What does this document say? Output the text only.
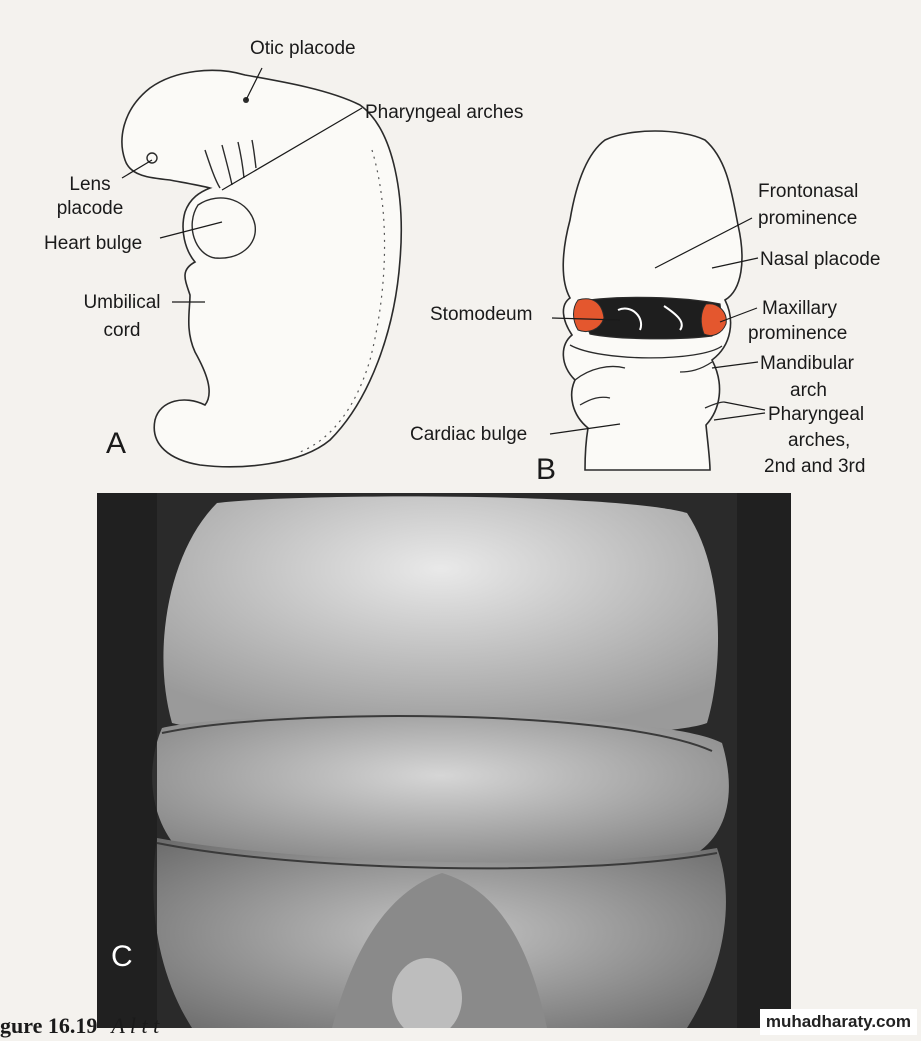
Otic placode
Pharyngeal arches
Lens
placode
Heart bulge
Umbilical
cord
A
Frontonasal
prominence
Nasal placode
Stomodeum	Maxillary
prominence
Mandibular
arch
Cardiac bulge
Pharyngeal
arches,
2nd and 3rd
B
C
gure 16.19 A l t t	muhadharaty.com
